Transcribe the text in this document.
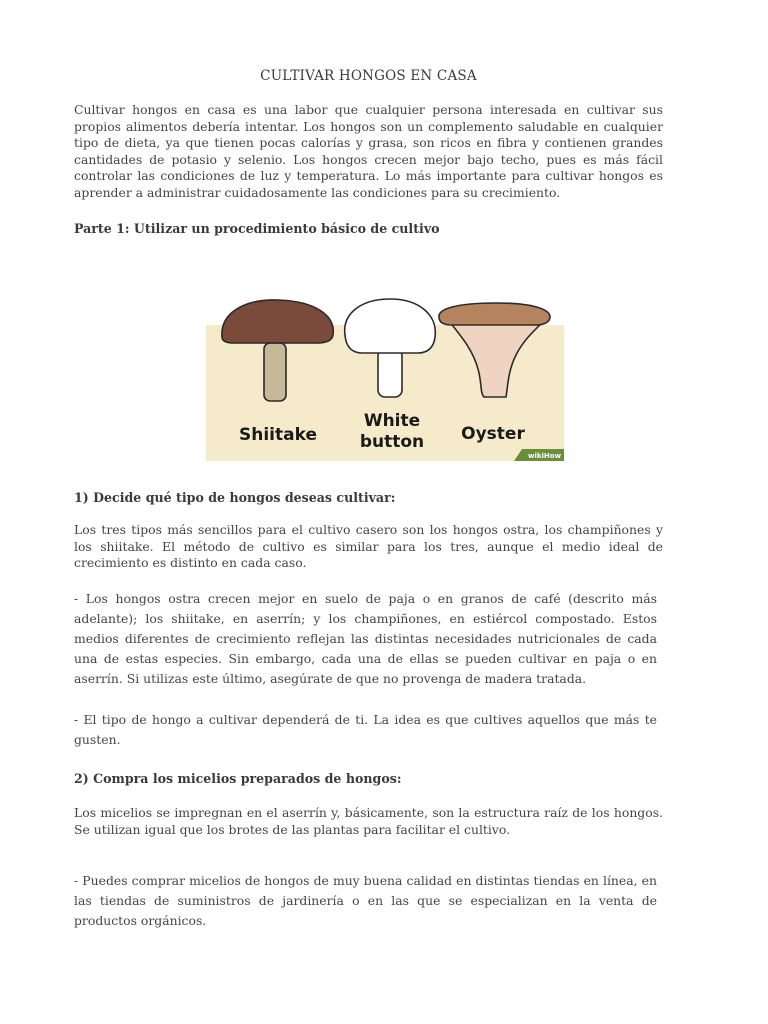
CULTIVAR HONGOS EN CASA

Cultivar hongos en casa es una labor que cualquier persona interesada en cultivar sus propios alimentos debería intentar. Los hongos son un complemento saludable en cualquier tipo de dieta, ya que tienen pocas calorías y grasa, son ricos en fibra y contienen grandes cantidades de potasio y selenio. Los hongos crecen mejor bajo techo, pues es más fácil controlar las condiciones de luz y temperatura. Lo más importante para cultivar hongos es aprender a administrar cuidadosamente las condiciones para su crecimiento.

Parte 1: Utilizar un procedimiento básico de cultivo

1) Decide qué tipo de hongos deseas cultivar:

Los tres tipos más sencillos para el cultivo casero son los hongos ostra, los champiñones y los shiitake. El método de cultivo es similar para los tres, aunque el medio ideal de crecimiento es distinto en cada caso.

- Los hongos ostra crecen mejor en suelo de paja o en granos de café (descrito más adelante); los shiitake, en aserrín; y los champiñones, en estiércol compostado. Estos medios diferentes de crecimiento reflejan las distintas necesidades nutricionales de cada una de estas especies. Sin embargo, cada una de ellas se pueden cultivar en paja o en aserrín. Si utilizas este último, asegúrate de que no provenga de madera tratada.

- El tipo de hongo a cultivar dependerá de ti. La idea es que cultives aquellos que más te gusten.

2) Compra los micelios preparados de hongos:

Los micelios se impregnan en el aserrín y, básicamente, son la estructura raíz de los hongos. Se utilizan igual que los brotes de las plantas para facilitar el cultivo.

- Puedes comprar micelios de hongos de muy buena calidad en distintas tiendas en línea, en las tiendas de suministros de jardinería o en las que se especializan en la venta de productos orgánicos.

Shiitake
White
button Oyster
wikiHow
